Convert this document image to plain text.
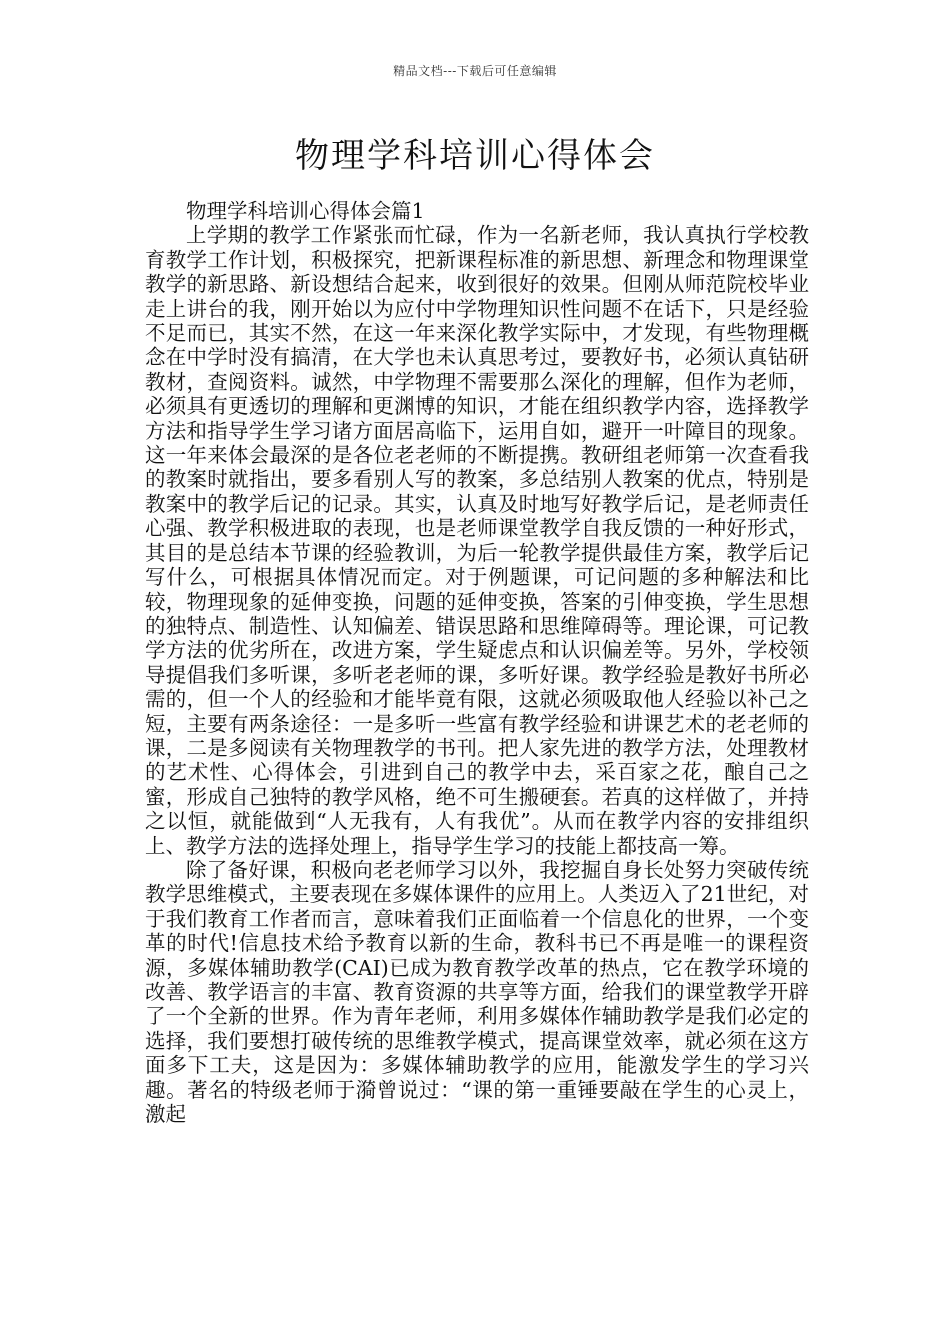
精品文档---下载后可任意编辑
物理学科培训心得体会

物理学科培训心得体会篇1

上学期的教学工作紧张而忙碌，作为一名新老师，我认真执行学校教育教学工作计划，积极探究，把新课程标准的新思想、新理念和物理课堂教学的新思路、新设想结合起来，收到很好的效果。但刚从师范院校毕业走上讲台的我，刚开始以为应付中学物理知识性问题不在话下，只是经验不足而已，其实不然，在这一年来深化教学实际中，才发现，有些物理概念在中学时没有搞清，在大学也未认真思考过，要教好书，必须认真钻研教材，查阅资料。诚然，中学物理不需要那么深化的理解，但作为老师，必须具有更透切的理解和更渊博的知识，才能在组织教学内容，选择教学方法和指导学生学习诸方面居高临下，运用自如，避开一叶障目的现象。这一年来体会最深的是各位老老师的不断提携。教研组老师第一次查看我的教案时就指出，要多看别人写的教案，多总结别人教案的优点，特别是教案中的教学后记的记录。其实，认真及时地写好教学后记，是老师责任心强、教学积极进取的表现，也是老师课堂教学自我反馈的一种好形式，其目的是总结本节课的经验教训，为后一轮教学提供最佳方案，教学后记写什么，可根据具体情况而定。对于例题课，可记问题的多种解法和比较，物理现象的延伸变换，问题的延伸变换，答案的引伸变换，学生思想的独特点、制造性、认知偏差、错误思路和思维障碍等。理论课，可记教学方法的优劣所在，改进方案，学生疑虑点和认识偏差等。另外，学校领导提倡我们多听课，多听老老师的课，多听好课。教学经验是教好书所必需的，但一个人的经验和才能毕竟有限，这就必须吸取他人经验以补己之短，主要有两条途径：一是多听一些富有教学经验和讲课艺术的老老师的课，二是多阅读有关物理教学的书刊。把人家先进的教学方法，处理教材的艺术性、心得体会，引进到自己的教学中去，采百家之花，酿自己之蜜，形成自己独特的教学风格，绝不可生搬硬套。若真的这样做了，并持之以恒，就能做到“人无我有，人有我优”。从而在教学内容的安排组织上、教学方法的选择处理上，指导学生学习的技能上都技高一筹。

除了备好课，积极向老老师学习以外，我挖掘自身长处努力突破传统教学思维模式，主要表现在多媒体课件的应用上。人类迈入了21世纪，对于我们教育工作者而言，意味着我们正面临着一个信息化的世界，一个变革的时代!信息技术给予教育以新的生命，教科书已不再是唯一的课程资源，多媒体辅助教学(CAI)已成为教育教学改革的热点，它在教学环境的改善、教学语言的丰富、教育资源的共享等方面，给我们的课堂教学开辟了一个全新的世界。作为青年老师，利用多媒体作辅助教学是我们必定的选择，我们要想打破传统的思维教学模式，提高课堂效率，就必须在这方面多下工夫，这是因为：多媒体辅助教学的应用，能激发学生的学习兴趣。著名的特级老师于漪曾说过：“课的第一重锤要敲在学生的心灵上，激起
